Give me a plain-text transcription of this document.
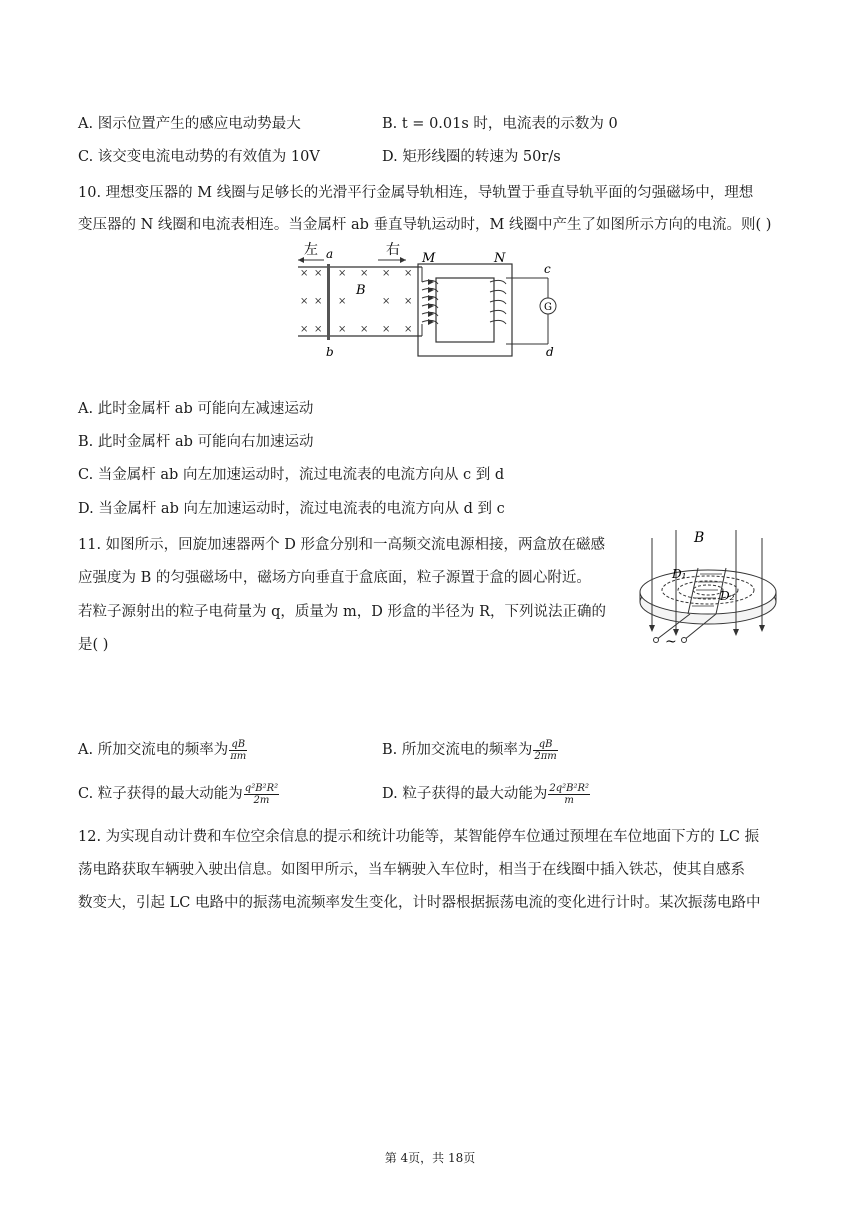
A. 图示位置产生的感应电动势最大	B. t = 0.01s 时，电流表的示数为 0
C. 该交变电流电动势的有效值为 10V	D. 矩形线圈的转速为 50r/s
10. 理想变压器的 M 线圈与足够长的光滑平行金属导轨相连，导轨置于垂直导轨平面的匀强磁场中，理想
变压器的 N 线圈和电流表相连。当金属杆 ab 垂直导轨运动时，M 线圈中产生了如图所示方向的电流。则( )
左	右
× × × × × ×
× × ×	× ×
× × × × × ×
a
b
B
M	N
G
c
d
A. 此时金属杆 ab 可能向左减速运动
B. 此时金属杆 ab 可能向右加速运动
C. 当金属杆 ab 向左加速运动时，流过电流表的电流方向从 c 到 d
D. 当金属杆 ab 向左加速运动时，流过电流表的电流方向从 d 到 c
11. 如图所示，回旋加速器两个 D 形盒分别和一高频交流电源相接，两盒放在磁感
应强度为 B 的匀强磁场中，磁场方向垂直于盒底面，粒子源置于盒的圆心附近。
若粒子源射出的粒子电荷量为 q，质量为 m，D 形盒的半径为 R，下列说法正确的
是( )
B
D₁
D₂
~
A. 所加交流电的频率为 $\frac{qB}{\pi m}$	B. 所加交流电的频率为 $\frac{qB}{2\pi m}$
C. 粒子获得的最大动能为 $\frac{\text{q²B²R²}}{2m}$	D. 粒子获得的最大动能为 $\frac{\text{2q²B²R²}}{m}$
12. 为实现自动计费和车位空余信息的提示和统计功能等，某智能停车位通过预埋在车位地面下方的 LC 振
荡电路获取车辆驶入驶出信息。如图甲所示，当车辆驶入车位时，相当于在线圈中插入铁芯，使其自感系
数变大，引起 LC 电路中的振荡电流频率发生变化，计时器根据振荡电流的变化进行计时。某次振荡电路中
第 4页，共 18页
